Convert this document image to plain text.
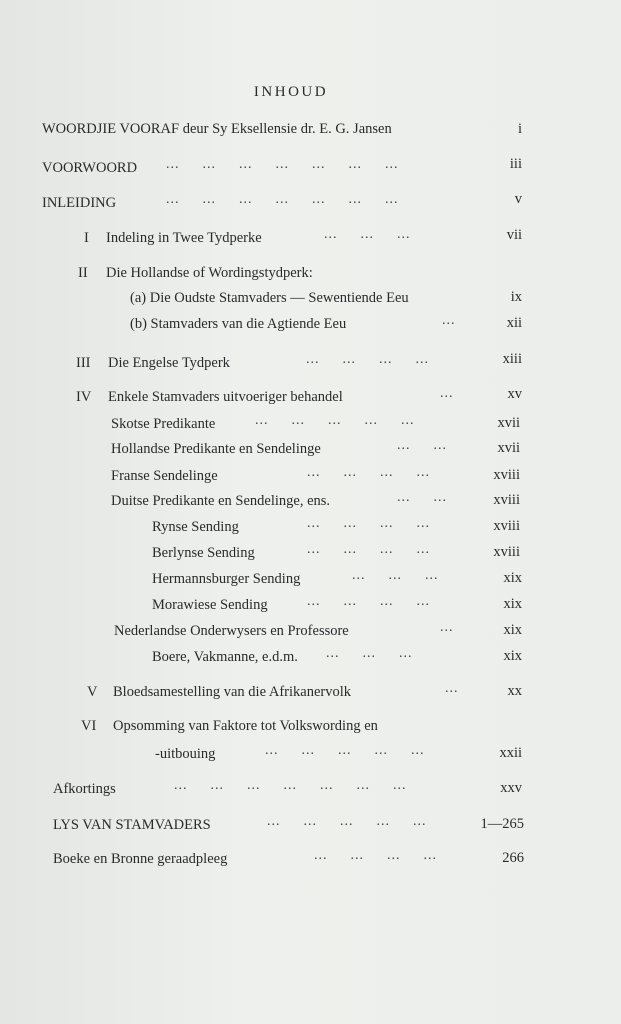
INHOUD
WOORDJIE VOORAF deur Sy Eksellensie dr. E. G. Jansen	i
VOORWOORD ...  ...  ...  ...  ...  ...  ...	iii
INLEIDING	...  ...  ...  ...  ...  ...  ...	v
I Indeling in Twee Tydperke	...  ...  ...	vii
II Die Hollandse of Wordingstydperk:
(a) Die Oudste Stamvaders — Sewentiende Eeu	ix
(b) Stamvaders van die Agtiende Eeu	...	xii
III Die Engelse Tydperk	...  ...  ...  ...	xiii
IV Enkele Stamvaders uitvoeriger behandel	...	xv
Skotse Predikante	...  ...  ...  ...  ...	xvii
Hollandse Predikante en Sendelinge	...  ...	xvii
Franse Sendelinge	...  ...  ...  ...	xviii
Duitse Predikante en Sendelinge, ens.	...  ...	xviii
Rynse Sending	...  ...  ...  ...	xviii
Berlynse Sending	...  ...  ...  ...	xviii
Hermannsburger Sending	...  ...  ...	xix
Morawiese Sending	...  ...  ...  ...	xix
Nederlandse Onderwysers en Professore	...	xix
Boere, Vakmanne, e.d.m. ...  ...  ...	xix
V Bloedsamestelling van die Afrikanervolk	...	xx
VI Opsomming van Faktore tot Volkswording en
-uitbouing	...  ...  ...  ...  ...	xxii
Afkortings	...  ...  ...  ...  ...  ...  ...	xxv
LYS VAN STAMVADERS	...  ...  ...  ...  ...	1—265
Boeke en Bronne geraadpleeg	...  ...  ...  ...	266
